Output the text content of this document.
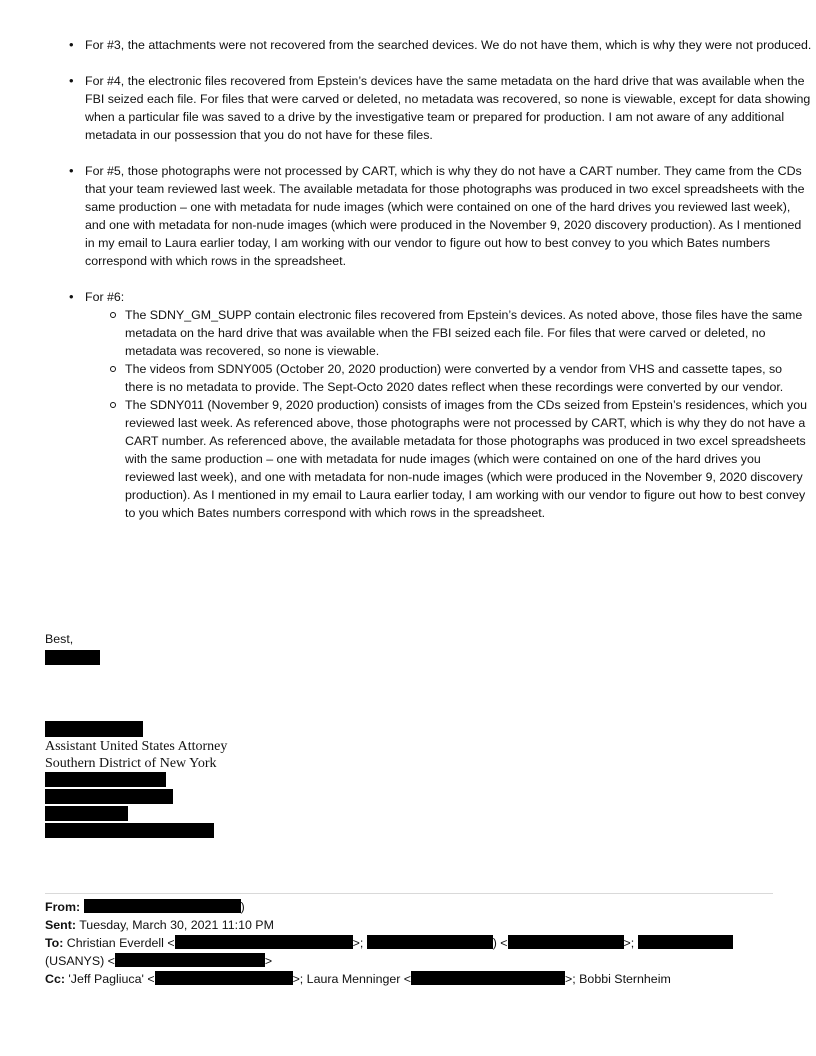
• For #3, the attachments were not recovered from the searched devices. We do not have them, which is why they were not produced.
• For #4, the electronic files recovered from Epstein’s devices have the same metadata on the hard drive that was available when the FBI seized each file. For files that were carved or deleted, no metadata was recovered, so none is viewable, except for data showing when a particular file was saved to a drive by the investigative team or prepared for production. I am not aware of any additional metadata in our possession that you do not have for these files.
• For #5, those photographs were not processed by CART, which is why they do not have a CART number. They came from the CDs that your team reviewed last week. The available metadata for those photographs was produced in two excel spreadsheets with the same production – one with metadata for nude images (which were contained on one of the hard drives you reviewed last week), and one with metadata for non-nude images (which were produced in the November 9, 2020 discovery production). As I mentioned in my email to Laura earlier today, I am working with our vendor to figure out how to best convey to you which Bates numbers correspond with which rows in the spreadsheet.
• For #6:
The SDNY_GM_SUPP contain electronic files recovered from Epstein’s devices. As noted above, those files have the same metadata on the hard drive that was available when the FBI seized each file. For files that were carved or deleted, no metadata was recovered, so none is viewable.
The videos from SDNY005 (October 20, 2020 production) were converted by a vendor from VHS and cassette tapes, so there is no metadata to provide. The Sept-Octo 2020 dates reflect when these recordings were converted by our vendor.
The SDNY011 (November 9, 2020 production) consists of images from the CDs seized from Epstein’s residences, which you reviewed last week. As referenced above, those photographs were not processed by CART, which is why they do not have a CART number. As referenced above, the available metadata for those photographs was produced in two excel spreadsheets with the same production – one with metadata for nude images (which were contained on one of the hard drives you reviewed last week), and one with metadata for non-nude images (which were produced in the November 9, 2020 discovery production). As I mentioned in my email to Laura earlier today, I am working with our vendor to figure out how to best convey to you which Bates numbers correspond with which rows in the spreadsheet.
Best,
Assistant United States Attorney
Southern District of New York
From:	)
Sent: Tuesday, March 30, 2021 11:10 PM
To: Christian Everdell <	>;	) <	>;
(USANYS) <	>
Cc: 'Jeff Pagliuca' <	>; Laura Menninger <	>; Bobbi Sternheim
